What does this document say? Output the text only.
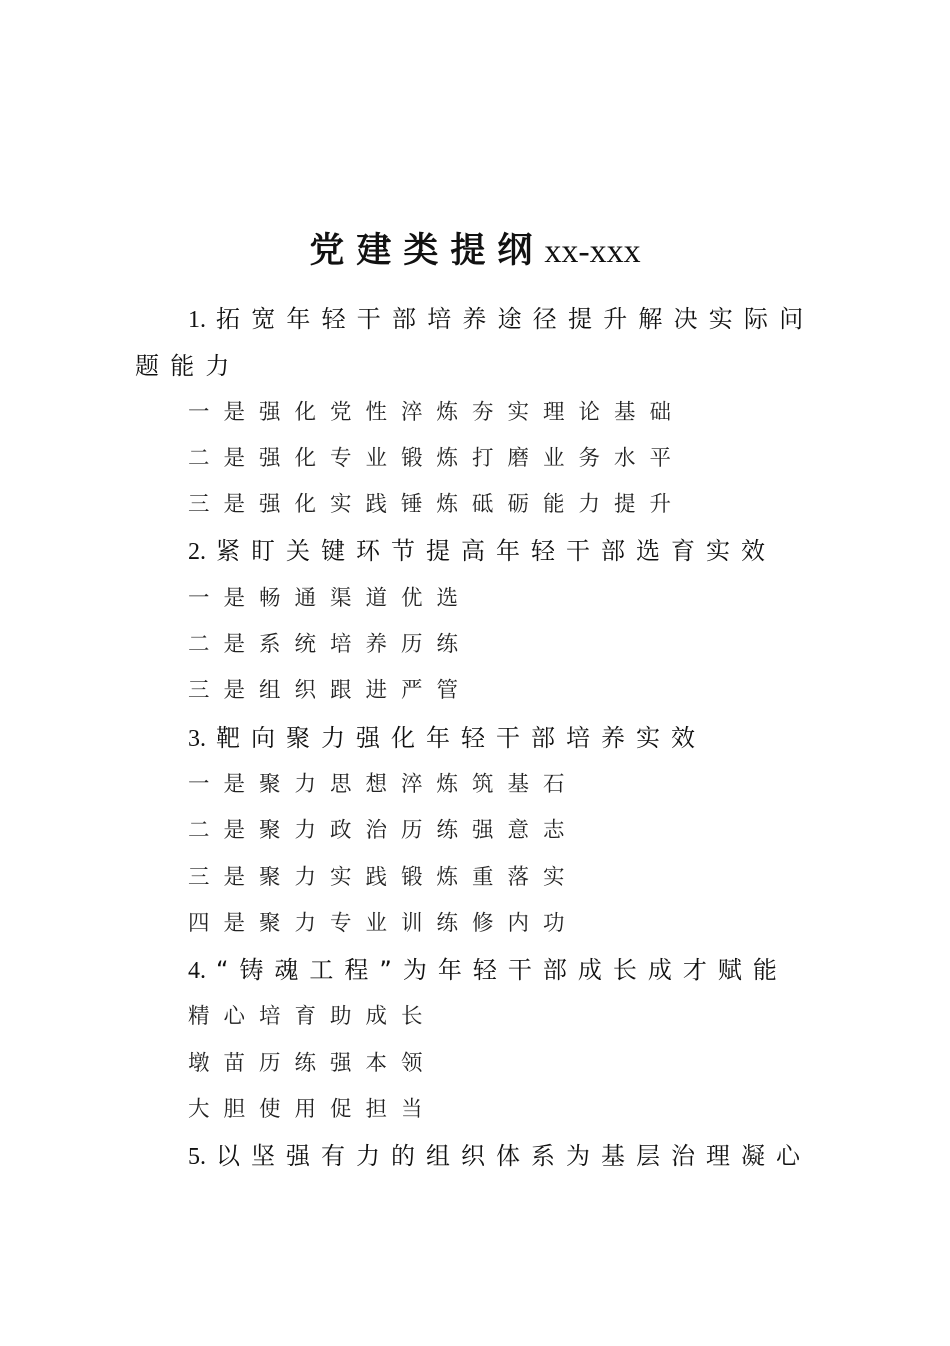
党建类提纲xx-xxx

1. 拓宽年轻干部培养途径提升解决实际问题能力

一是强化党性淬炼夯实理论基础

二是强化专业锻炼打磨业务水平

三是强化实践锤炼砥砺能力提升

2. 紧盯关键环节提高年轻干部选育实效

一是畅通渠道优选

二是系统培养历练

三是组织跟进严管

3. 靶向聚力强化年轻干部培养实效

一是聚力思想淬炼筑基石

二是聚力政治历练强意志

三是聚力实践锻炼重落实

四是聚力专业训练修内功

4. “铸魂工程”为年轻干部成长成才赋能

精心培育助成长

墩苗历练强本领

大胆使用促担当

5. 以坚强有力的组织体系为基层治理凝心
